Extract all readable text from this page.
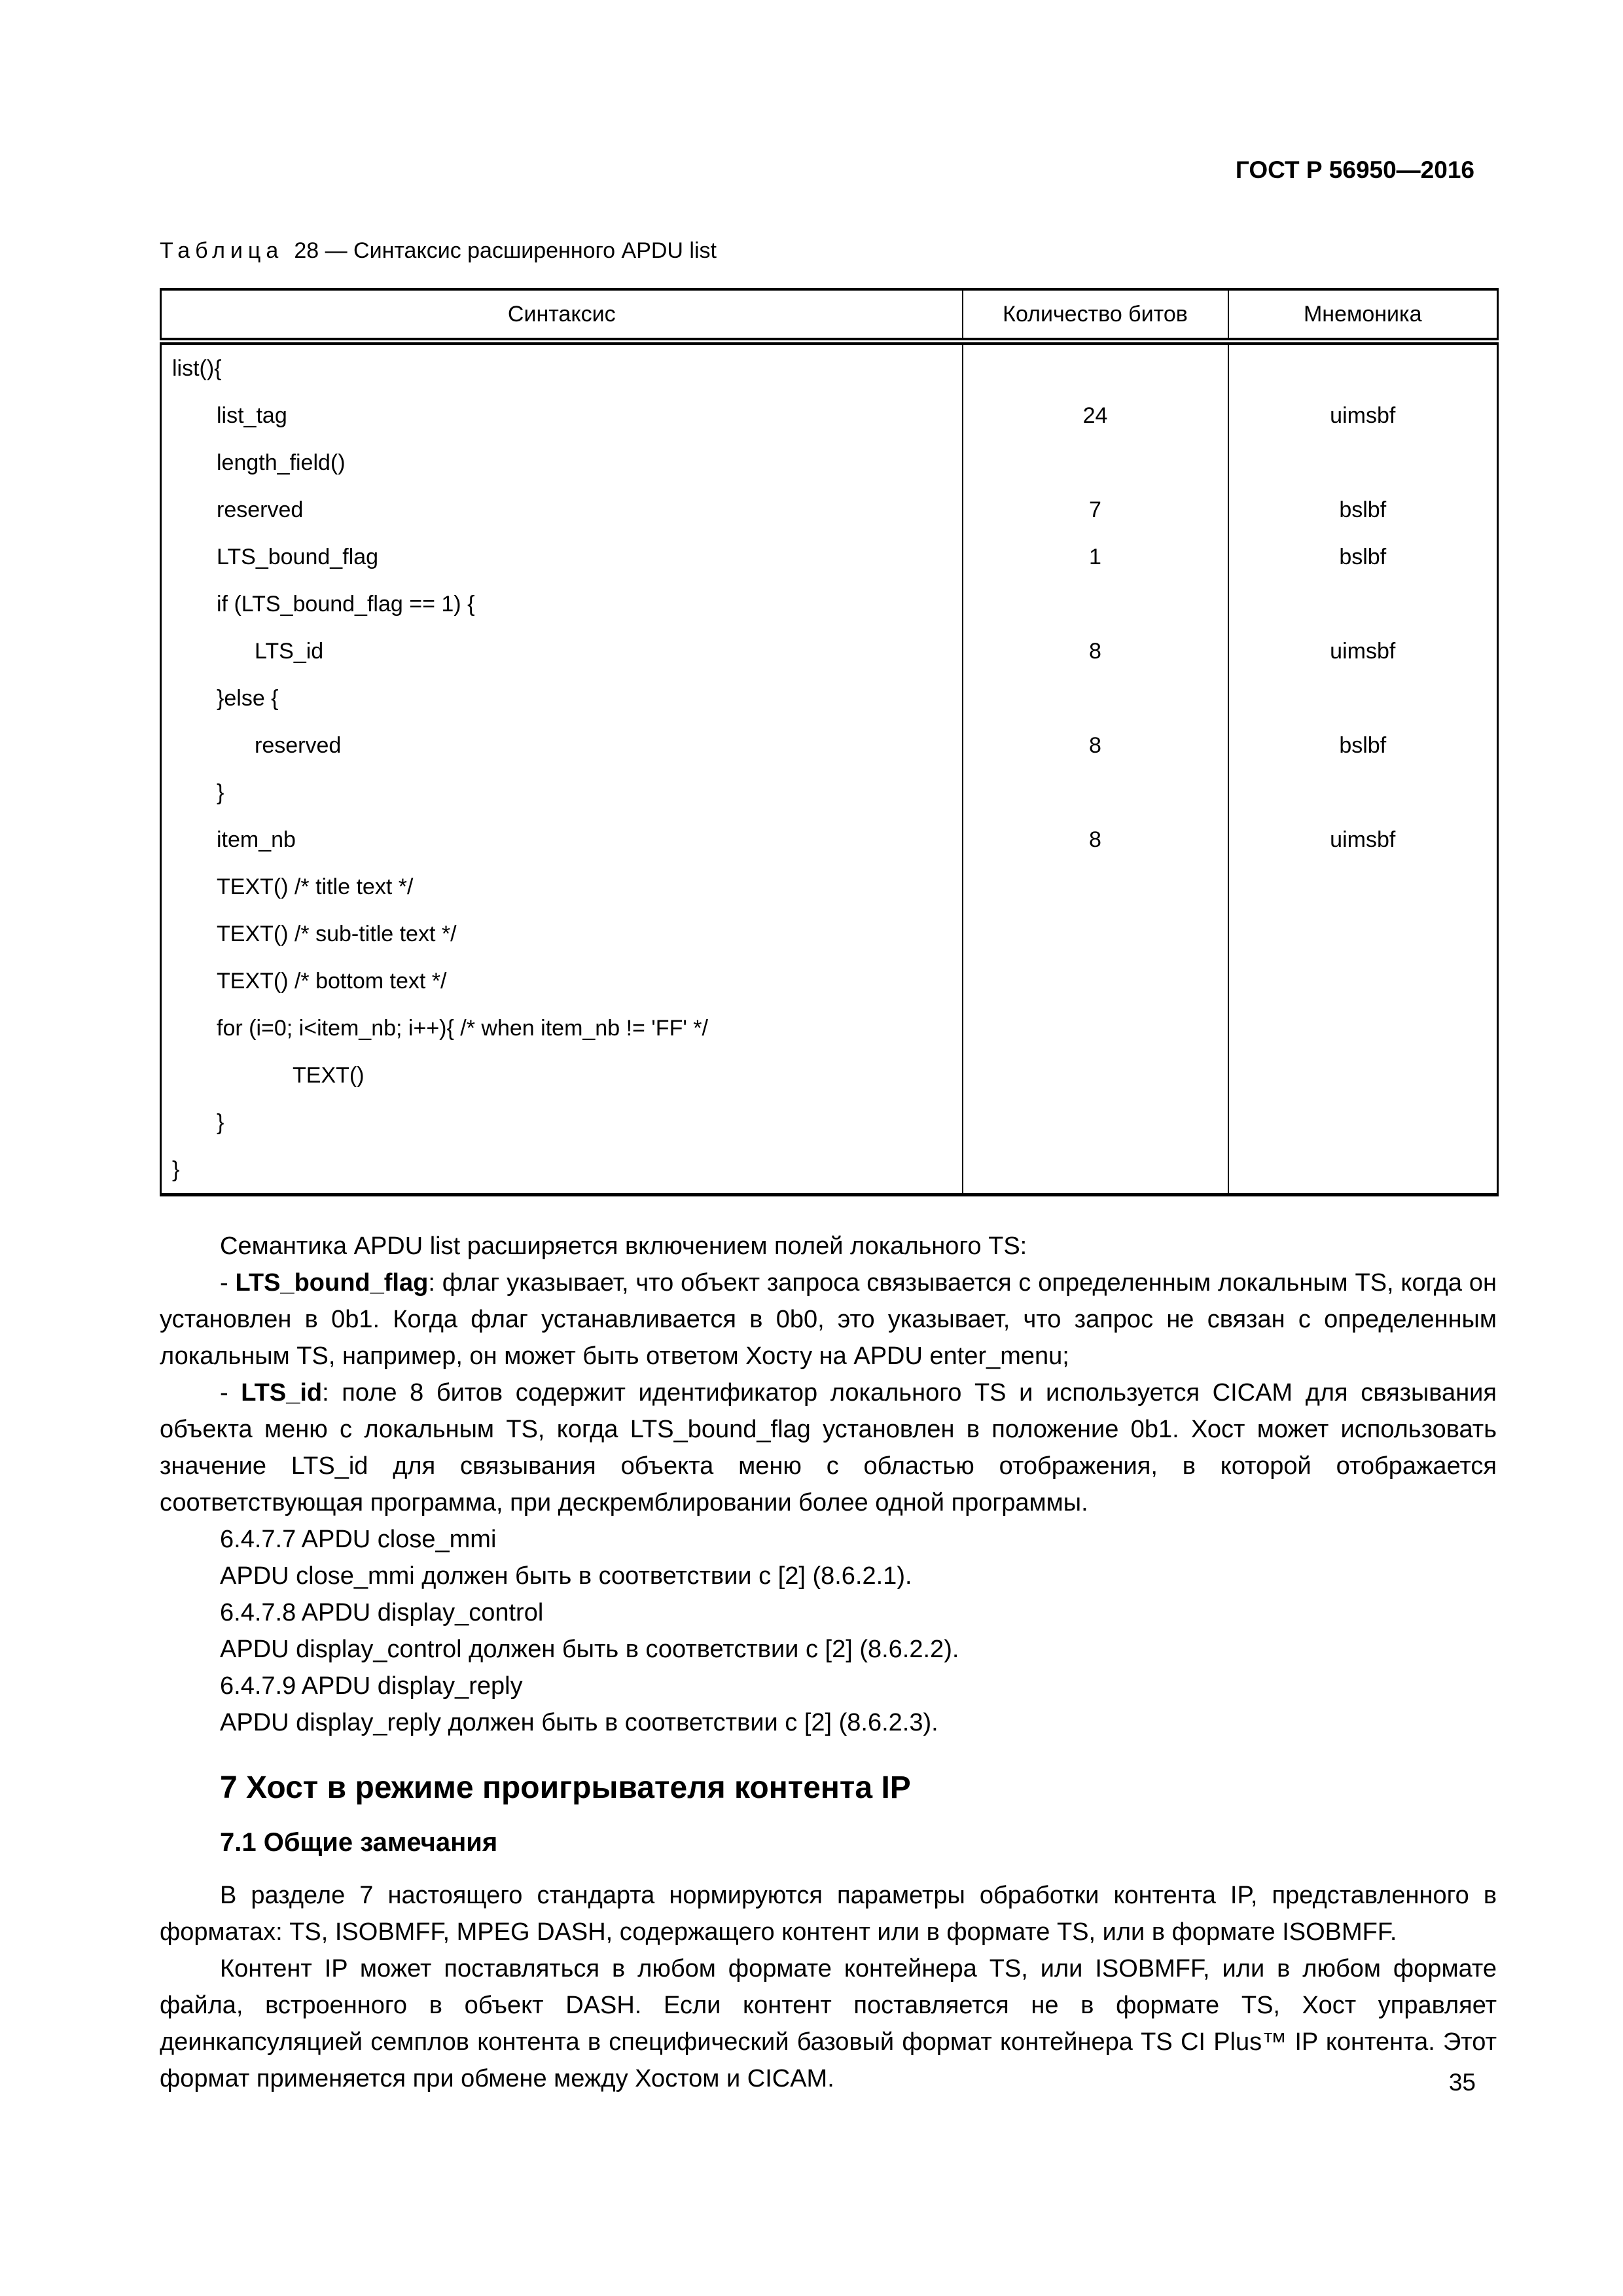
ГОСТ Р 56950—2016
Таблица 28 — Синтаксис расширенного APDU list
Синтаксис	Количество битов	Мнемоника
list(){		
list_tag	24	uimsbf
length_field()		
reserved	7	bslbf
LTS_bound_flag	1	bslbf
if (LTS_bound_flag == 1) {		
LTS_id	8	uimsbf
}else {		
reserved	8	bslbf
}		
item_nb	8	uimsbf
TEXT() /* title text */		
TEXT() /* sub-title text */		
TEXT() /* bottom text */		
for (i=0; i<item_nb; i++){ /* when item_nb != 'FF' */		
TEXT()		
}		
}		

Семантика APDU list расширяется включением полей локального TS:

- LTS_bound_flag: флаг указывает, что объект запроса связывается с определенным локальным TS, когда он установлен в 0b1. Когда флаг устанавливается в 0b0, это указывает, что запрос не связан с определенным локальным TS, например, он может быть ответом Хосту на APDU enter_menu;

- LTS_id: поле 8 битов содержит идентификатор локального TS и используется CICAM для связывания объекта меню с локальным TS, когда LTS_bound_flag установлен в положение 0b1. Хост может использовать значение LTS_id для связывания объекта меню с областью отображения, в которой отображается соответствующая программа, при дескремблировании более одной программы.

6.4.7.7 APDU close_mmi

APDU close_mmi должен быть в соответствии с [2] (8.6.2.1).

6.4.7.8 APDU display_control

APDU display_control должен быть в соответствии с [2] (8.6.2.2).

6.4.7.9 APDU display_reply

APDU display_reply должен быть в соответствии с [2] (8.6.2.3).

7 Хост в режиме проигрывателя контента IP
7.1 Общие замечания

В разделе 7 настоящего стандарта нормируются параметры обработки контента IP, представленного в форматах: TS, ISOBMFF, MPEG DASH, содержащего контент или в формате TS, или в формате ISOBMFF.

Контент IP может поставляться в любом формате контейнера TS, или ISOBMFF, или в любом формате файла, встроенного в объект DASH. Если контент поставляется не в формате TS, Хост управляет деинкапсуляцией семплов контента в специфический базовый формат контейнера TS CI Plus™ IP контента. Этот формат применяется при обмене между Хостом и CICAM.	35
